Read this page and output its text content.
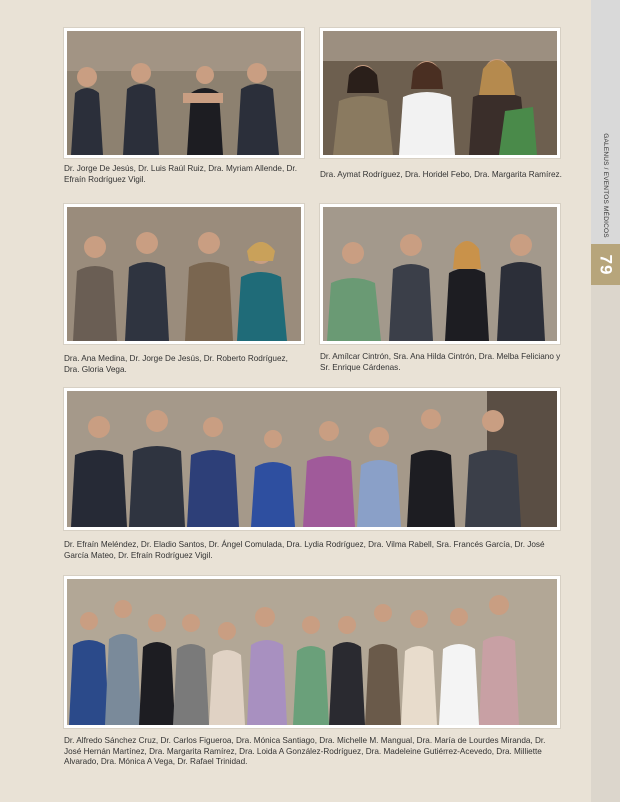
GALENUS / EVENTOS MÉDICOS
79
Dr. Jorge De Jesús, Dr. Luis Raúl Ruiz, Dra. Myriam Allende, Dr. Efraín Rodríguez Vigil.	Dra. Aymat Rodríguez, Dra. Horidel Febo, Dra. Margarita Ramírez.
Dra. Ana Medina, Dr. Jorge De Jesús, Dr. Roberto Rodríguez, Dra. Gloria Vega.
Dr. Amílcar Cintrón, Sra. Ana Hilda Cintrón, Dra. Melba Feliciano y Sr. Enrique Cárdenas.
Dr. Efraín Meléndez, Dr. Eladio Santos, Dr. Ángel Comulada, Dra. Lydia Rodríguez, Dra. Vilma Rabell, Sra. Francés García, Dr. José García Mateo, Dr. Efraín Rodríguez Vigil.
Dr. Alfredo Sánchez Cruz, Dr. Carlos Figueroa, Dra. Mónica Santiago, Dra. Michelle M. Mangual, Dra. María de Lourdes Miranda, Dr. José Hernán Martínez, Dra. Margarita Ramírez, Dra. Loida A González-Rodríguez, Dra. Madeleine Gutiérrez-Acevedo, Dra. Milliette Alvarado, Dra. Mónica A Vega, Dr. Rafael Trinidad.
